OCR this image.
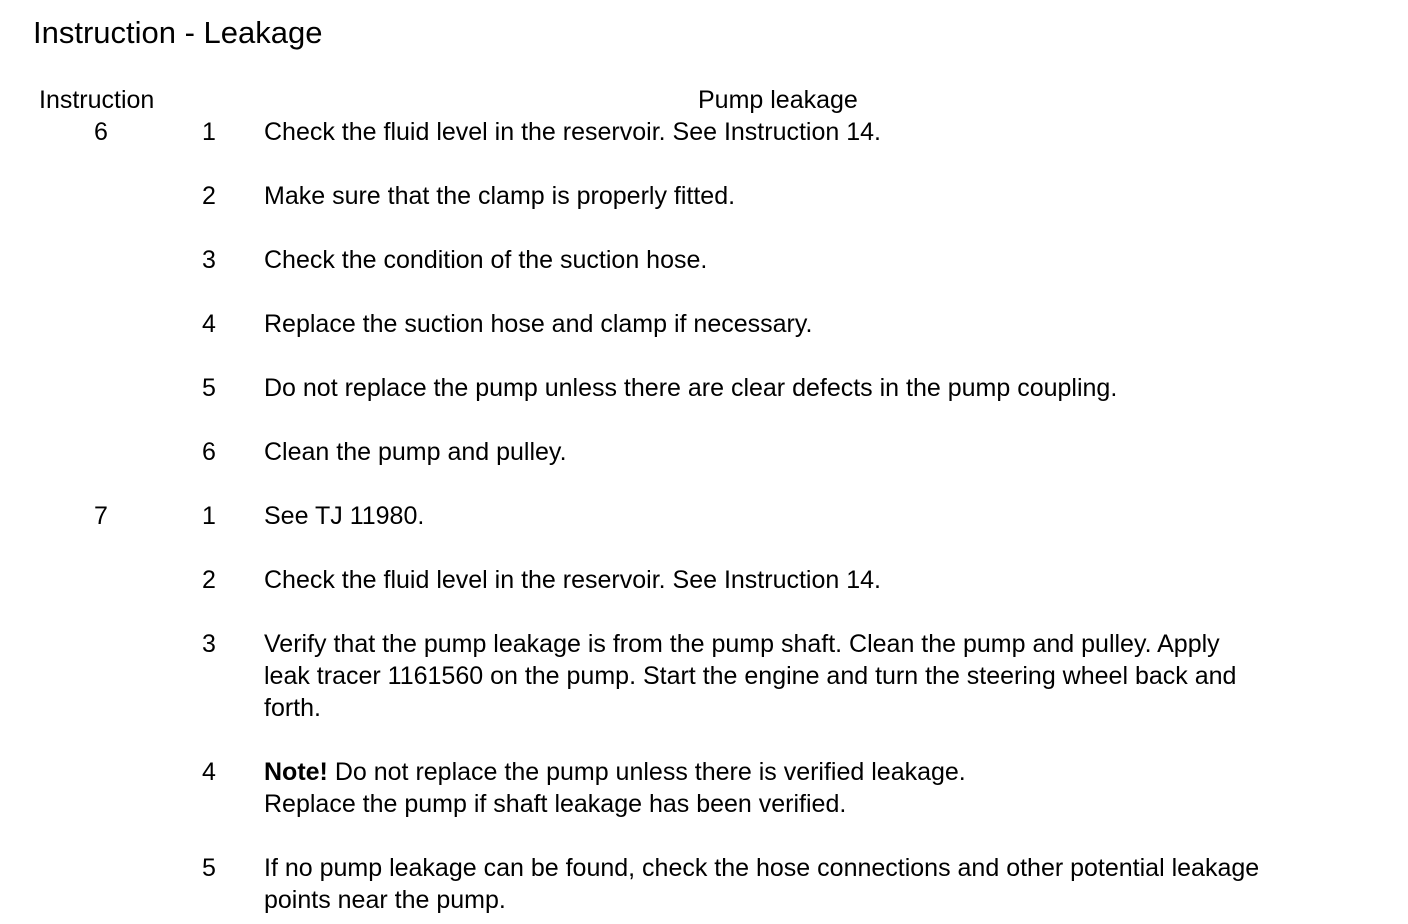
Instruction - Leakage
Instruction	Pump leakage
6	1 Check the fluid level in the reservoir. See Instruction 14.
2 Make sure that the clamp is properly fitted.
3 Check the condition of the suction hose.
4 Replace the suction hose and clamp if necessary.
5 Do not replace the pump unless there are clear defects in the pump coupling.
6 Clean the pump and pulley.
7	1 See TJ 11980.
2 Check the fluid level in the reservoir. See Instruction 14.
3 Verify that the pump leakage is from the pump shaft. Clean the pump and pulley. Apply
leak tracer 1161560 on the pump. Start the engine and turn the steering wheel back and
forth.
4 Note! Do not replace the pump unless there is verified leakage.
Replace the pump if shaft leakage has been verified.
5 If no pump leakage can be found, check the hose connections and other potential leakage
points near the pump.
